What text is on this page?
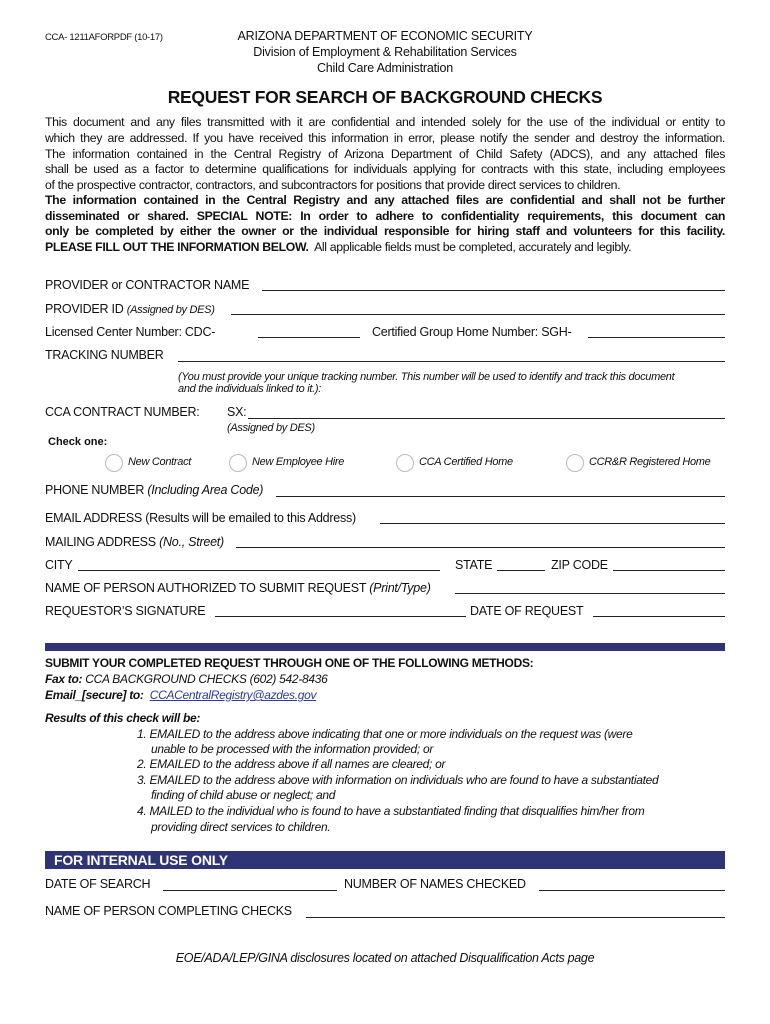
CCA- 1211AFORPDF (10-17)	ARIZONA DEPARTMENT OF ECONOMIC SECURITY
Division of Employment & Rehabilitation Services
Child Care Administration
REQUEST FOR SEARCH OF BACKGROUND CHECKS
This document and any files transmitted with it are confidential and intended solely for the use of the individual or entity to
which they are addressed. If you have received this information in error, please notify the sender and destroy the information.
The information contained in the Central Registry of Arizona Department of Child Safety (ADCS), and any attached files
shall be used as a factor to determine qualifications for individuals applying for contracts with this state, including employees
of the prospective contractor, contractors, and subcontractors for positions that provide direct services to children.
The information contained in the Central Registry and any attached files are confidential and shall not be further
disseminated or shared. SPECIAL NOTE: In order to adhere to confidentiality requirements, this document can
only be completed by either the owner or the individual responsible for hiring staff and volunteers for this facility.
PLEASE FILL OUT THE INFORMATION BELOW. All applicable fields must be completed, accurately and legibly.
PROVIDER or CONTRACTOR NAME
PROVIDER ID (Assigned by DES)
Licensed Center Number: CDC-	Certified Group Home Number: SGH-
TRACKING NUMBER
(You must provide your unique tracking number. This number will be used to identify and track this document
and the individuals linked to it.):
CCA CONTRACT NUMBER: SX:
(Assigned by DES)
Check one:
New Contract	New Employee Hire	CCA Certified Home	CCR&R Registered Home
PHONE NUMBER (Including Area Code)
EMAIL ADDRESS (Results will be emailed to this Address)
MAILING ADDRESS (No., Street)
CITY	STATE	ZIP CODE
NAME OF PERSON AUTHORIZED TO SUBMIT REQUEST (Print/Type)
REQUESTOR’S SIGNATURE	DATE OF REQUEST
SUBMIT YOUR COMPLETED REQUEST THROUGH ONE OF THE FOLLOWING METHODS:
Fax to: CCA BACKGROUND CHECKS (602) 542-8436
Email_[secure] to: CCACentralRegistry@azdes.gov
Results of this check will be:
1. EMAILED to the address above indicating that one or more individuals on the request was (were
unable to be processed with the information provided; or
2. EMAILED to the address above if all names are cleared; or
3. EMAILED to the address above with information on individuals who are found to have a substantiated
finding of child abuse or neglect; and
4. MAILED to the individual who is found to have a substantiated finding that disqualifies him/her from
providing direct services to children.
FOR INTERNAL USE ONLY
DATE OF SEARCH	NUMBER OF NAMES CHECKED
NAME OF PERSON COMPLETING CHECKS
EOE/ADA/LEP/GINA disclosures located on attached Disqualification Acts page
